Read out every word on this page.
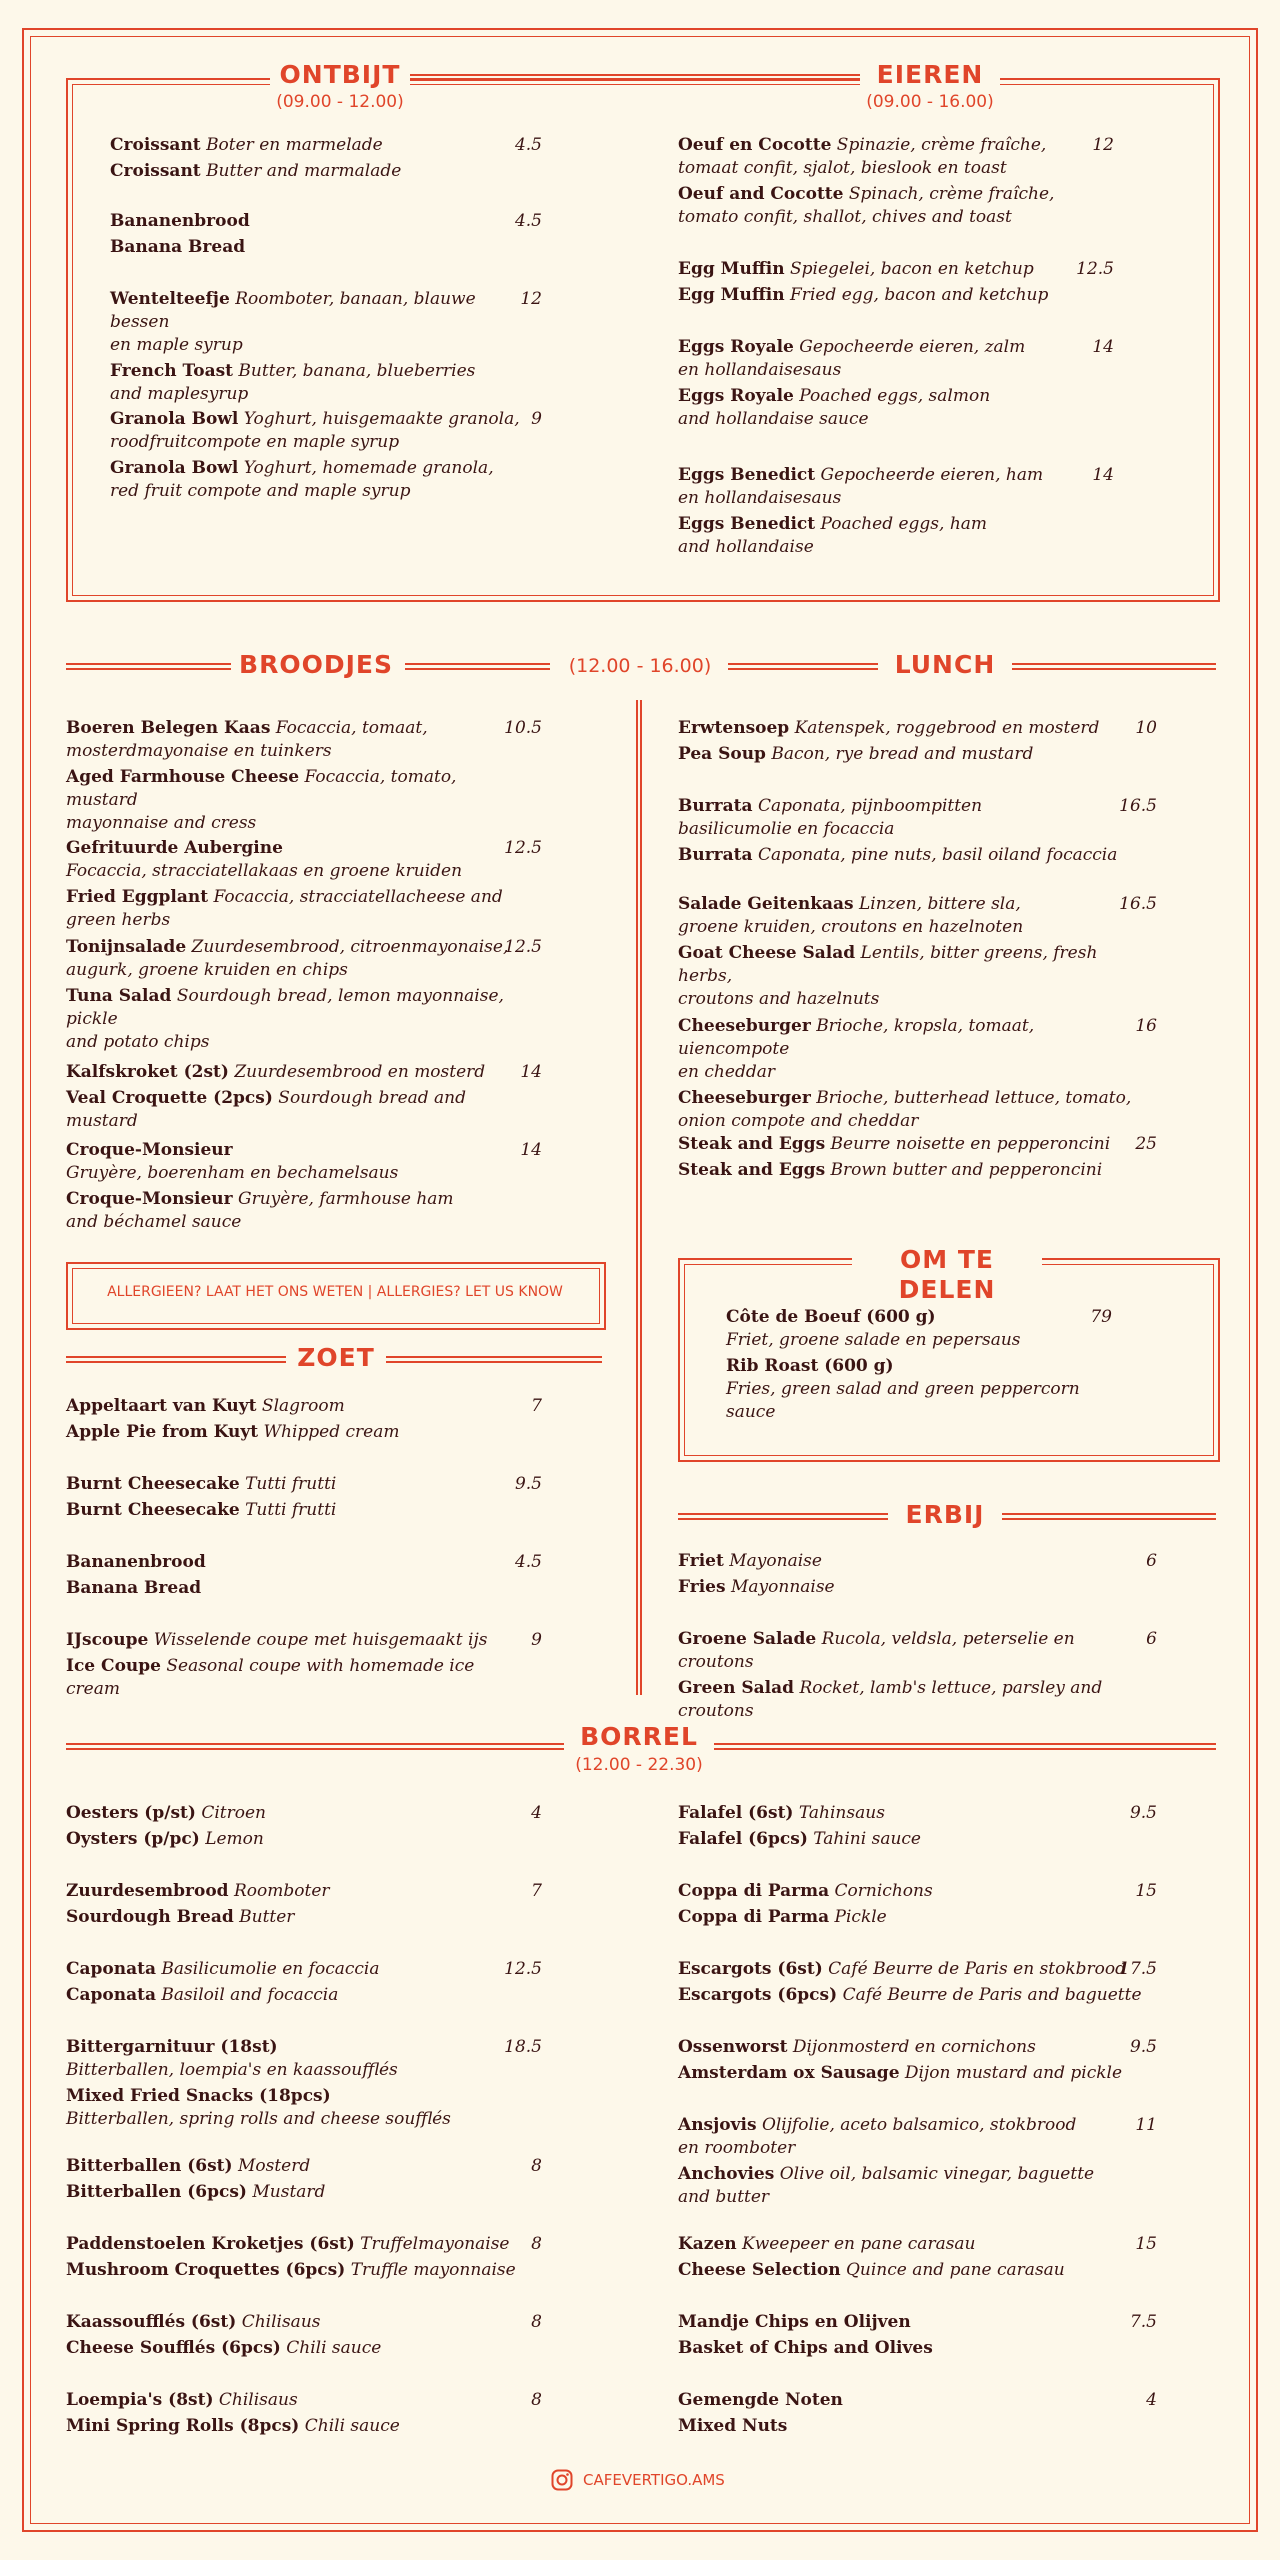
ONTBIJT
(09.00 - 12.00)
EIEREN
(09.00 - 16.00)
BROODJES	(12.00 - 16.00)	LUNCH
ALLERGIEEN? LAAT HET ONS WETEN | ALLERGIES? LET US KNOW
ZOET
OM TE DELEN
ERBIJ
BORREL
(12.00 - 22.30)
CAFEVERTIGO.AMS
Croissant Boter en marmelade
Croissant Butter and marmalade
4.5
Bananenbrood
Banana Bread
4.5
Wentelteefje Roomboter, banaan, blauwe bessen
en maple syrup
French Toast Butter, banana, blueberries
and maplesyrup
12
Granola Bowl Yoghurt, huisgemaakte granola,
roodfruitcompote en maple syrup
Granola Bowl Yoghurt, homemade granola,
red fruit compote and maple syrup
9
Oeuf en Cocotte Spinazie, crème fraîche,
tomaat confit, sjalot, bieslook en toast
Oeuf and Cocotte Spinach, crème fraîche,
tomato confit, shallot, chives and toast
12
Egg Muffin Spiegelei, bacon en ketchup
Egg Muffin Fried egg, bacon and ketchup
12.5
Eggs Royale Gepocheerde eieren, zalm
en hollandaisesaus
Eggs Royale Poached eggs, salmon
and hollandaise sauce
14
Eggs Benedict Gepocheerde eieren, ham
en hollandaisesaus
Eggs Benedict Poached eggs, ham
and hollandaise
14
Boeren Belegen Kaas Focaccia, tomaat,
mosterdmayonaise en tuinkers
Aged Farmhouse Cheese Focaccia, tomato, mustard
mayonnaise and cress
10.5
Gefrituurde Aubergine
Focaccia, stracciatellakaas en groene kruiden
Fried Eggplant Focaccia, stracciatellacheese and green herbs
12.5
Tonijnsalade Zuurdesembrood, citroenmayonaise,
augurk, groene kruiden en chips
Tuna Salad Sourdough bread, lemon mayonnaise, pickle
and potato chips
12.5
Kalfskroket (2st) Zuurdesembrood en mosterd
Veal Croquette (2pcs) Sourdough bread and mustard
14
Croque-Monsieur
Gruyère, boerenham en bechamelsaus
Croque-Monsieur Gruyère, farmhouse ham
and béchamel sauce
14
Erwtensoep Katenspek, roggebrood en mosterd
Pea Soup Bacon, rye bread and mustard
10
Burrata Caponata, pijnboompitten
basilicumolie en focaccia
Burrata Caponata, pine nuts, basil oiland focaccia
16.5
Salade Geitenkaas Linzen, bittere sla,
groene kruiden, croutons en hazelnoten
Goat Cheese Salad Lentils, bitter greens, fresh herbs,
croutons and hazelnuts
16.5
Cheeseburger Brioche, kropsla, tomaat, uiencompote
en cheddar
Cheeseburger Brioche, butterhead lettuce, tomato,
onion compote and cheddar
16
Steak and Eggs Beurre noisette en pepperoncini
Steak and Eggs Brown butter and pepperoncini
25
Côte de Boeuf (600 g)
Friet, groene salade en pepersaus
Rib Roast (600 g)
Fries, green salad and green peppercorn sauce
79
Appeltaart van Kuyt Slagroom
Apple Pie from Kuyt Whipped cream
7
Burnt Cheesecake Tutti frutti
Burnt Cheesecake Tutti frutti
9.5
Bananenbrood
Banana Bread
4.5
IJscoupe Wisselende coupe met huisgemaakt ijs
Ice Coupe Seasonal coupe with homemade ice cream
9
Friet Mayonaise
Fries Mayonnaise
6
Groene Salade Rucola, veldsla, peterselie en croutons
Green Salad Rocket, lamb's lettuce, parsley and croutons
6
Oesters (p/st) Citroen
Oysters (p/pc) Lemon
4
Zuurdesembrood Roomboter
Sourdough Bread Butter
7
Caponata Basilicumolie en focaccia
Caponata Basiloil and focaccia
12.5
Bittergarnituur (18st)
Bitterballen, loempia's en kaassoufflés
Mixed Fried Snacks (18pcs)
Bitterballen, spring rolls and cheese soufflés
18.5
Bitterballen (6st) Mosterd
Bitterballen (6pcs) Mustard
8
Paddenstoelen Kroketjes (6st) Truffelmayonaise
Mushroom Croquettes (6pcs) Truffle mayonnaise
8
Kaassoufflés (6st) Chilisaus
Cheese Soufflés (6pcs) Chili sauce
8
Loempia's (8st) Chilisaus
Mini Spring Rolls (8pcs) Chili sauce
8
Falafel (6st) Tahinsaus
Falafel (6pcs) Tahini sauce
9.5
Coppa di Parma Cornichons
Coppa di Parma Pickle
15
Escargots (6st) Café Beurre de Paris en stokbrood
Escargots (6pcs) Café Beurre de Paris and baguette
17.5
Ossenworst Dijonmosterd en cornichons
Amsterdam ox Sausage Dijon mustard and pickle
9.5
Ansjovis Olijfolie, aceto balsamico, stokbrood
en roomboter
Anchovies Olive oil, balsamic vinegar, baguette
and butter
11
Kazen Kweepeer en pane carasau
Cheese Selection Quince and pane carasau
15
Mandje Chips en Olijven
Basket of Chips and Olives
7.5
Gemengde Noten
Mixed Nuts
4
